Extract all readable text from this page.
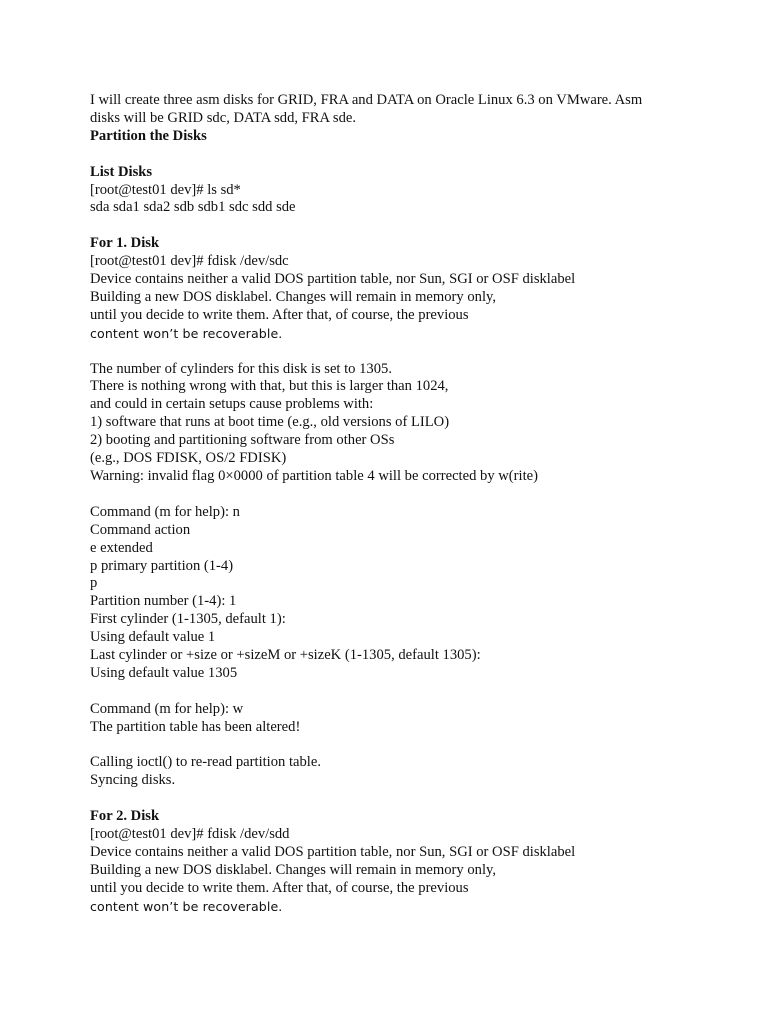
I will create three asm disks for GRID, FRA and DATA on Oracle Linux 6.3 on VMware. Asm
disks will be GRID sdc, DATA sdd, FRA sde.
Partition the Disks
List Disks
[root@test01 dev]# ls sd*
sda sda1 sda2 sdb sdb1 sdc sdd sde
For 1. Disk
[root@test01 dev]# fdisk /dev/sdc
Device contains neither a valid DOS partition table, nor Sun, SGI or OSF disklabel
Building a new DOS disklabel. Changes will remain in memory only,
until you decide to write them. After that, of course, the previous
content won’t be recoverable.
The number of cylinders for this disk is set to 1305.
There is nothing wrong with that, but this is larger than 1024,
and could in certain setups cause problems with:
1) software that runs at boot time (e.g., old versions of LILO)
2) booting and partitioning software from other OSs
(e.g., DOS FDISK, OS/2 FDISK)
Warning: invalid flag 0×0000 of partition table 4 will be corrected by w(rite)
Command (m for help): n
Command action
e extended
p primary partition (1-4)
p
Partition number (1-4): 1
First cylinder (1-1305, default 1):
Using default value 1
Last cylinder or +size or +sizeM or +sizeK (1-1305, default 1305):
Using default value 1305
Command (m for help): w
The partition table has been altered!
Calling ioctl() to re-read partition table.
Syncing disks.
For 2. Disk
[root@test01 dev]# fdisk /dev/sdd
Device contains neither a valid DOS partition table, nor Sun, SGI or OSF disklabel
Building a new DOS disklabel. Changes will remain in memory only,
until you decide to write them. After that, of course, the previous
content won’t be recoverable.
